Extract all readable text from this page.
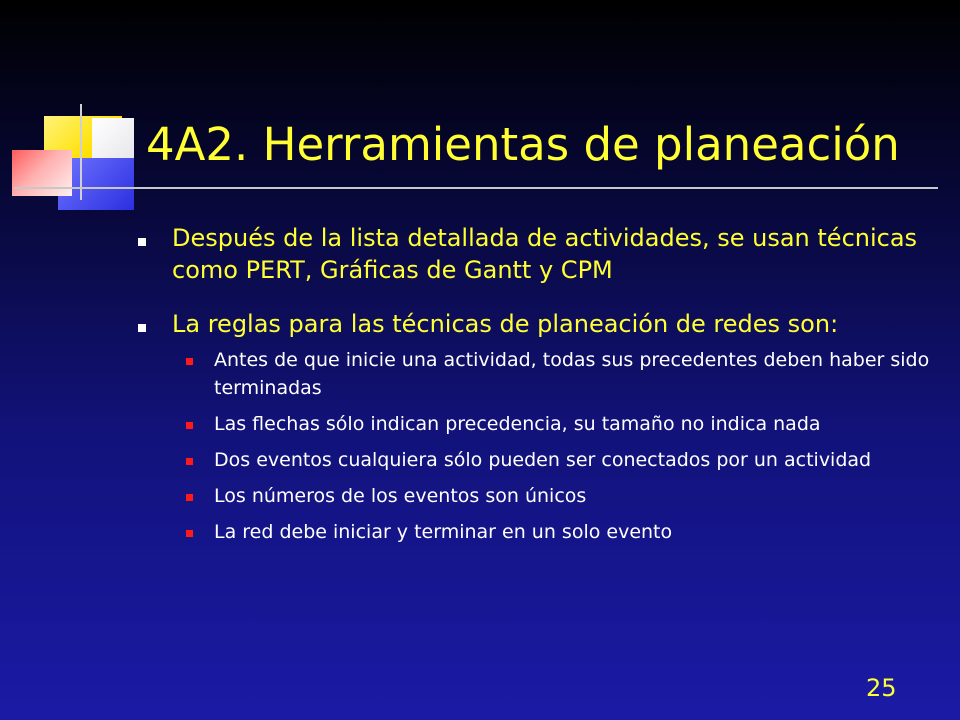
4A2. Herramientas de planeación
Después de la lista detallada de actividades, se usan técnicas como PERT, Gráficas de Gantt y CPM
La reglas para las técnicas de planeación de redes son:
Antes de que inicie una actividad, todas sus precedentes deben haber sido terminadas
Las flechas sólo indican precedencia, su tamaño no indica nada
Dos eventos cualquiera sólo pueden ser conectados por un actividad
Los números de los eventos son únicos
La red debe iniciar y terminar en un solo evento
25
